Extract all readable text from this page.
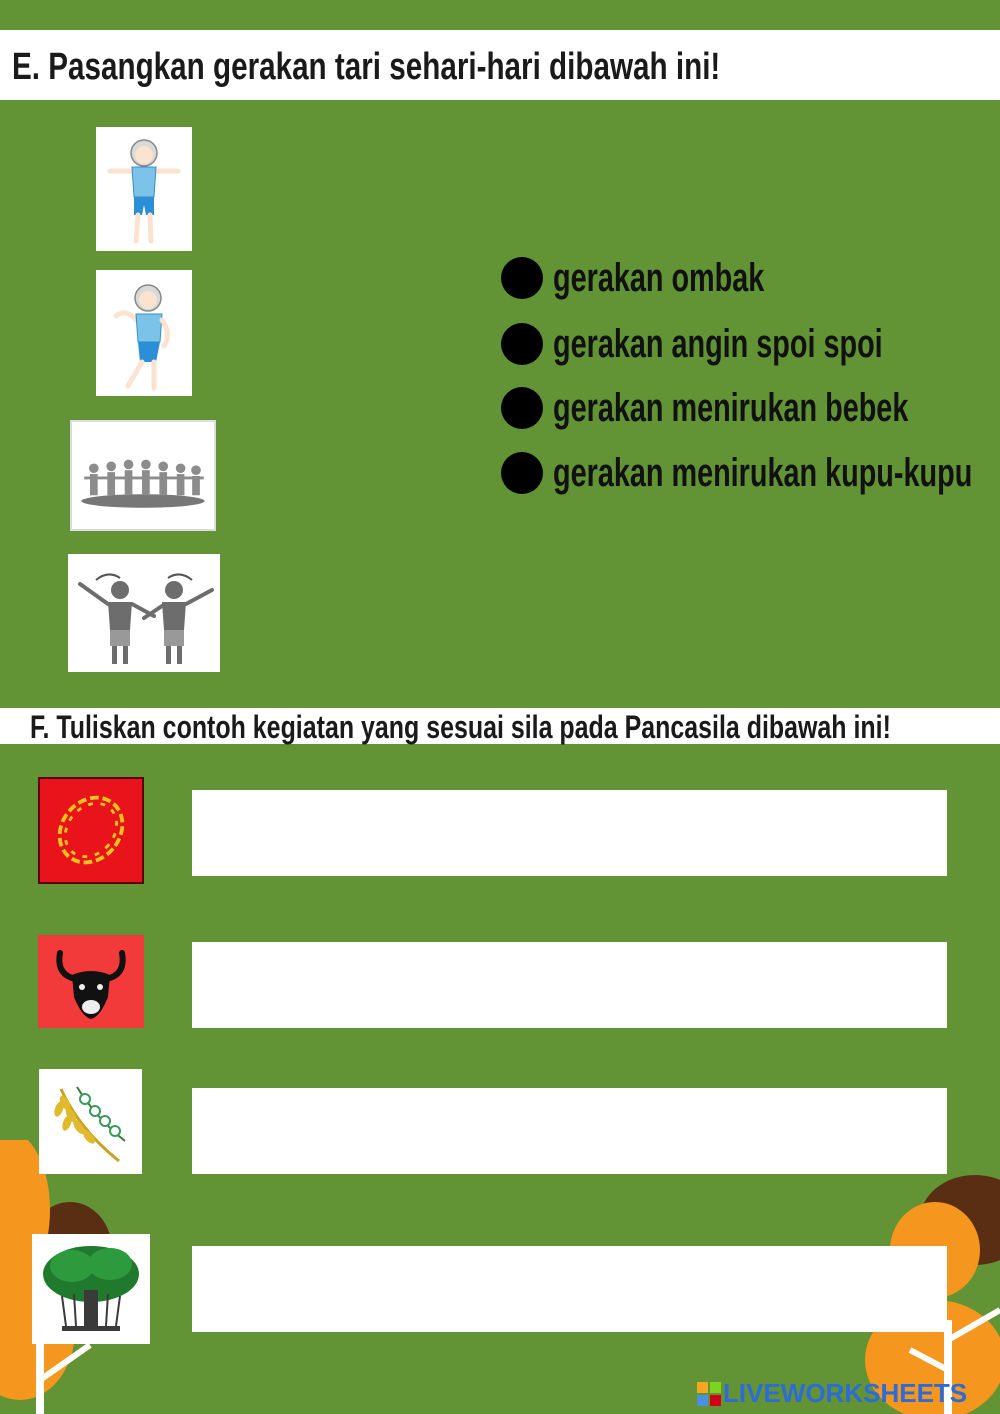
E. Pasangkan gerakan tari sehari-hari dibawah ini!
gerakan ombak
gerakan angin spoi spoi
gerakan menirukan bebek
gerakan menirukan kupu-kupu
F. Tuliskan contoh kegiatan yang sesuai sila pada Pancasila dibawah ini!
LIVEWORKSHEETS
